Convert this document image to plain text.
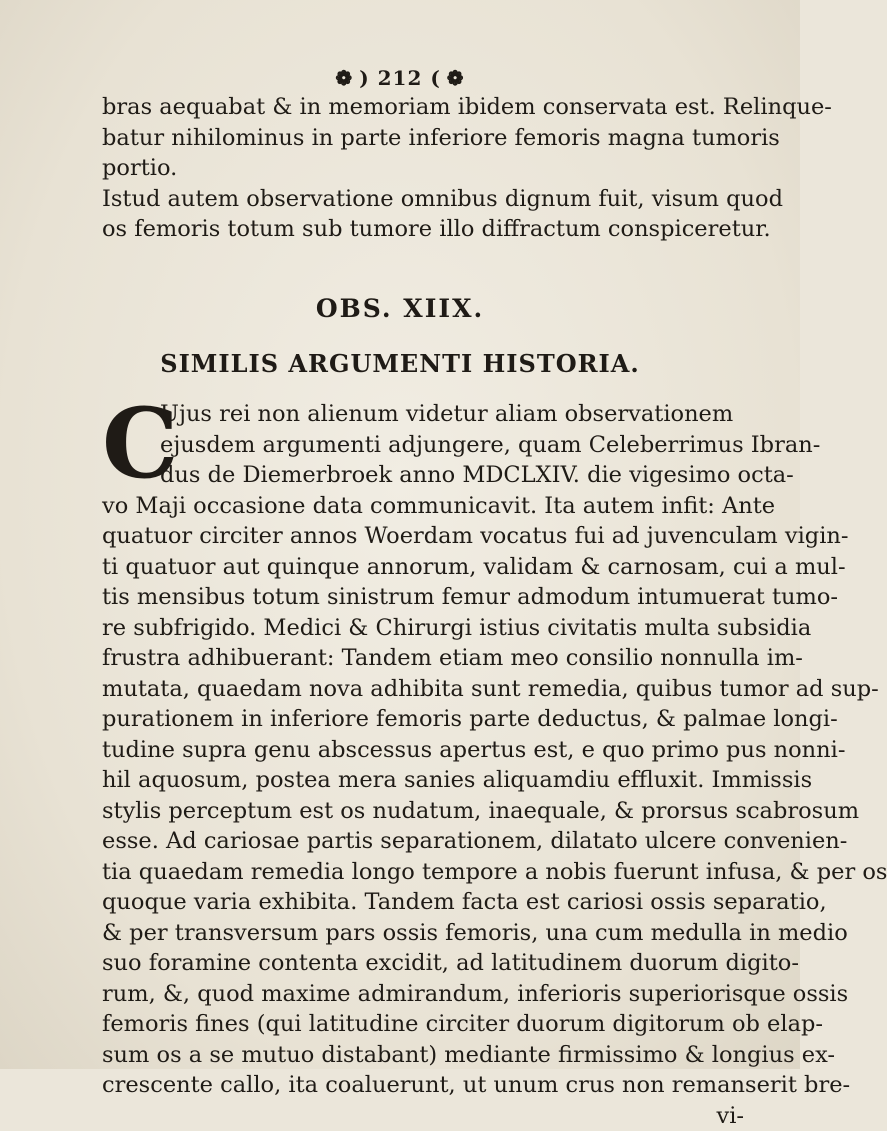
❁ ) 212 ( ❁
bras aequabat & in memoriam ibidem conservata est. Relinque-
batur nihilominus in parte inferiore femoris magna tumoris
portio.
Istud autem observatione omnibus dignum fuit, visum quod
os femoris totum sub tumore illo diffractum conspiceretur.
OBS. XIIX.
SIMILIS ARGUMENTI HISTORIA.
C
Ujus rei non alienum videtur aliam observationem
ejusdem argumenti adjungere, quam Celeberrimus Ibran-
dus de Diemerbroek anno MDCLXIV. die vigesimo octa-
vo Maji occasione data communicavit. Ita autem infit: Ante
quatuor circiter annos Woerdam vocatus fui ad juvenculam vigin-
ti quatuor aut quinque annorum, validam & carnosam, cui a mul-
tis mensibus totum sinistrum femur admodum intumuerat tumo-
re subfrigido. Medici & Chirurgi istius civitatis multa subsidia
frustra adhibuerant: Tandem etiam meo consilio nonnulla im-
mutata, quaedam nova adhibita sunt remedia, quibus tumor ad sup-
purationem in inferiore femoris parte deductus, & palmae longi-
tudine supra genu abscessus apertus est, e quo primo pus nonni-
hil aquosum, postea mera sanies aliquamdiu effluxit. Immissis
stylis perceptum est os nudatum, inaequale, & prorsus scabrosum
esse. Ad cariosae partis separationem, dilatato ulcere convenien-
tia quaedam remedia longo tempore a nobis fuerunt infusa, & per os
quoque varia exhibita. Tandem facta est cariosi ossis separatio,
& per transversum pars ossis femoris, una cum medulla in medio
suo foramine contenta excidit, ad latitudinem duorum digito-
rum, &, quod maxime admirandum, inferioris superiorisque ossis
femoris fines (qui latitudine circiter duorum digitorum ob elap-
sum os a se mutuo distabant) mediante firmissimo & longius ex-
crescente callo, ita coaluerunt, ut unum crus non remanserit bre-
vi-
